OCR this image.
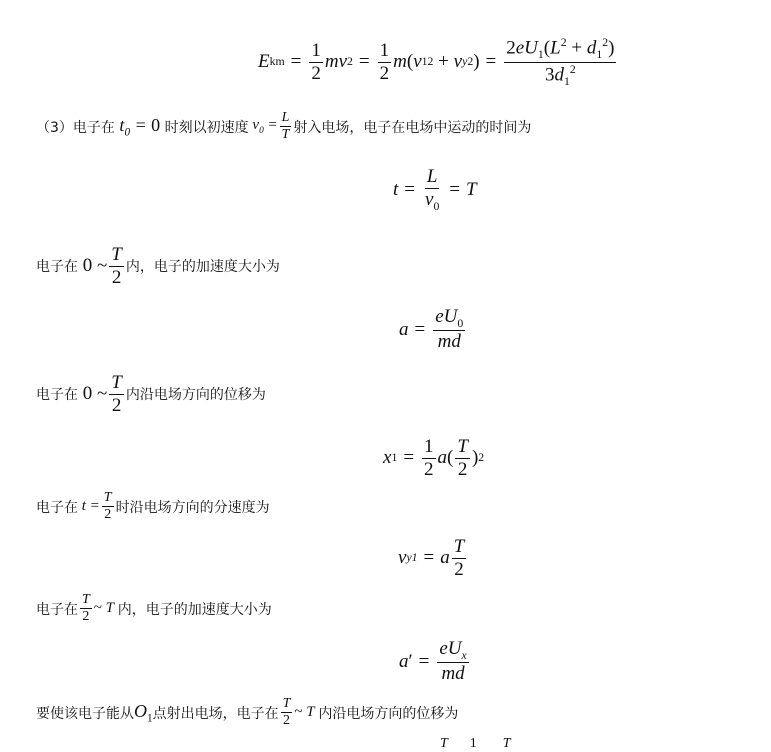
E km = $\frac{1}{2}$ mv $2 = \frac{1}{2}$ m ( v 1 2 + v y 2 ) = $\frac{2eU_1(L^2 + d_1^2)}{3d_1^2}$
（3） 电子在 $t_0 = 0$ 时刻以初速度 $v_0 = \frac{L}{T}$ 射入电场，电子在电场中运动的时间为
$t = \frac{L}{v_0} = T$
电子在 0 ~ $\frac{T}{2}$ 内，电子的加速度大小为
$a = \frac{eU_0}{md}$
电子在 0 ~ $\frac{T}{2}$ 内沿电场方向的位移为
x $1 = \frac{1}{2}$ a ( $\frac{T}{2}$ ) 2
电子在 $t = \frac{T}{2}$ 时沿电场方向的分速度为
v y1 = a $\frac{T}{2}$
电子在 $\frac{T}{2}$ ~ T 内，电子的加速度大小为
a ′ = $\frac{eU_x}{md}$
要使该电子能从 $O_1$ 点射出电场，电子在 $\frac{T}{2}$ ~ T 内沿电场方向的位移为
T 1 T
